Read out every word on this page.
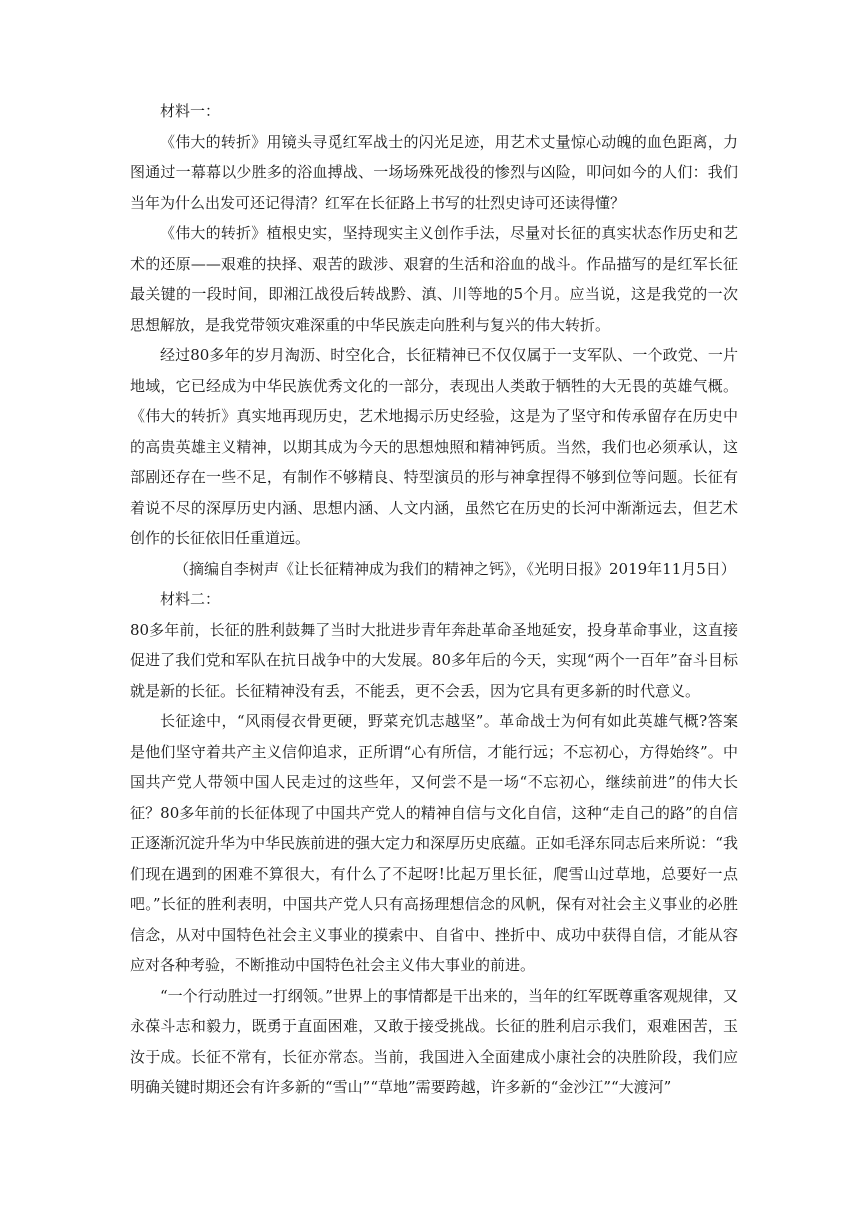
材料一：

《伟大的转折》用镜头寻觅红军战士的闪光足迹，用艺术丈量惊心动魄的血色距离，力图通过一幕幕以少胜多的浴血搏战、一场场殊死战役的惨烈与凶险，叩问如今的人们：我们当年为什么出发可还记得清？红军在长征路上书写的壮烈史诗可还读得懂？

《伟大的转折》植根史实，坚持现实主义创作手法，尽量对长征的真实状态作历史和艺术的还原——艰难的抉择、艰苦的跋涉、艰窘的生活和浴血的战斗。作品描写的是红军长征最关键的一段时间，即湘江战役后转战黔、滇、川等地的5个月。应当说，这是我党的一次思想解放，是我党带领灾难深重的中华民族走向胜利与复兴的伟大转折。

经过80多年的岁月淘沥、时空化合，长征精神已不仅仅属于一支军队、一个政党、一片地域，它已经成为中华民族优秀文化的一部分，表现出人类敢于牺牲的大无畏的英雄气概。《伟大的转折》真实地再现历史，艺术地揭示历史经验，这是为了坚守和传承留存在历史中的高贵英雄主义精神，以期其成为今天的思想烛照和精神钙质。当然，我们也必须承认，这部剧还存在一些不足，有制作不够精良、特型演员的形与神拿捏得不够到位等问题。长征有着说不尽的深厚历史内涵、思想内涵、人文内涵，虽然它在历史的长河中渐渐远去，但艺术创作的长征依旧任重道远。

（摘编自李树声《让长征精神成为我们的精神之钙》，《光明日报》2019年11月5日）

材料二：

80多年前，长征的胜利鼓舞了当时大批进步青年奔赴革命圣地延安，投身革命事业，这直接促进了我们党和军队在抗日战争中的大发展。80多年后的今天，实现“两个一百年”奋斗目标就是新的长征。长征精神没有丢，不能丢，更不会丢，因为它具有更多新的时代意义。

长征途中，“风雨侵衣骨更硬，野菜充饥志越坚”。革命战士为何有如此英雄气概?答案是他们坚守着共产主义信仰追求，正所谓“心有所信，才能行远；不忘初心，方得始终”。中国共产党人带领中国人民走过的这些年，又何尝不是一场“不忘初心，继续前进”的伟大长征？80多年前的长征体现了中国共产党人的精神自信与文化自信，这种“走自己的路”的自信正逐渐沉淀升华为中华民族前进的强大定力和深厚历史底蕴。正如毛泽东同志后来所说：“我们现在遇到的困难不算很大，有什么了不起呀!比起万里长征，爬雪山过草地，总要好一点吧。”长征的胜利表明，中国共产党人只有高扬理想信念的风帆，保有对社会主义事业的必胜信念，从对中国特色社会主义事业的摸索中、自省中、挫折中、成功中获得自信，才能从容应对各种考验，不断推动中国特色社会主义伟大事业的前进。

“一个行动胜过一打纲领。”世界上的事情都是干出来的，当年的红军既尊重客观规律，又永葆斗志和毅力，既勇于直面困难，又敢于接受挑战。长征的胜利启示我们，艰难困苦，玉汝于成。长征不常有，长征亦常态。当前，我国进入全面建成小康社会的决胜阶段，我们应明确关键时期还会有许多新的“雪山”“草地”需要跨越，许多新的“金沙江”“大渡河”
